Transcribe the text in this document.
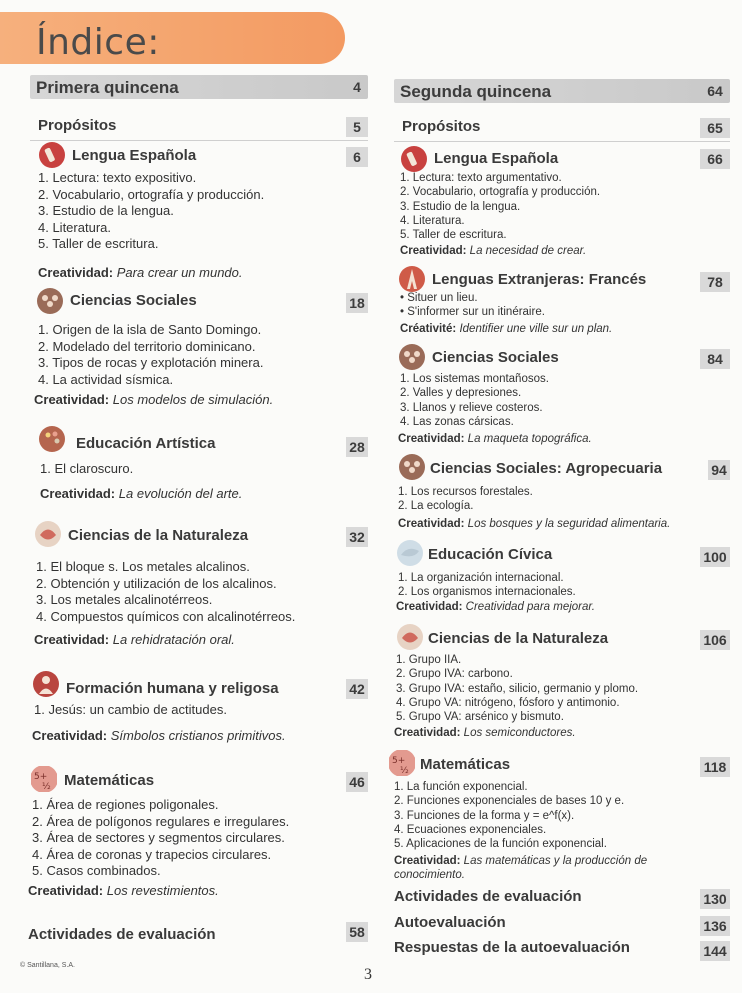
Índice:
Primera quincena	4
Propósitos	5
Lengua Española	6
1. Lectura: texto expositivo.
2. Vocabulario, ortografía y producción.
3. Estudio de la lengua.
4. Literatura.
5. Taller de escritura.
Creatividad: Para crear un mundo.
Ciencias Sociales	18
1. Origen de la isla de Santo Domingo.
2. Modelado del territorio dominicano.
3. Tipos de rocas y explotación minera.
4. La actividad sísmica.
Creatividad: Los modelos de simulación.
Educación Artística	28
1. El claroscuro.
Creatividad: La evolución del arte.
Ciencias de la Naturaleza	32
1. El bloque s. Los metales alcalinos.
2. Obtención y utilización de los alcalinos.
3. Los metales alcalinotérreos.
4. Compuestos químicos con alcalinotérreos.
Creatividad: La rehidratación oral.
Formación humana y religosa	42
1. Jesús: un cambio de actitudes.
Creatividad: Símbolos cristianos primitivos.
5+
½ Matemáticas	46
1. Área de regiones poligonales.
2. Área de polígonos regulares e irregulares.
3. Área de sectores y segmentos circulares.
4. Área de coronas y trapecios circulares.
5. Casos combinados.
Creatividad: Los revestimientos.
Actividades de evaluación	58
Segunda quincena	64
Propósitos	65
Lengua Española	66
1. Lectura: texto argumentativo.
2. Vocabulario, ortografía y producción.
3. Estudio de la lengua.
4. Literatura.
5. Taller de escritura.
Creatividad: La necesidad de crear.
Lenguas Extranjeras: Francés	78
• Situer un lieu.
• S'informer sur un itinéraire.
Créativité: Identifier une ville sur un plan.
Ciencias Sociales	84
1. Los sistemas montañosos.
2. Valles y depresiones.
3. Llanos y relieve costeros.
4. Las zonas cársicas.
Creatividad: La maqueta topográfica.
Ciencias Sociales: Agropecuaria	94
1. Los recursos forestales.
2. La ecología.
Creatividad: Los bosques y la seguridad alimentaria.
Educación Cívica	100
1. La organización internacional.
2. Los organismos internacionales.
Creatividad: Creatividad para mejorar.
Ciencias de la Naturaleza	106
1. Grupo IIA.
2. Grupo IVA: carbono.
3. Grupo IVA: estaño, silicio, germanio y plomo.
4. Grupo VA: nitrógeno, fósforo y antimonio.
5. Grupo VA: arsénico y bismuto.
Creatividad: Los semiconductores.
5+
½ Matemáticas	118
1. La función exponencial.
2. Funciones exponenciales de bases 10 y e.
3. Funciones de la forma y = e^f(x).
4. Ecuaciones exponenciales.
5. Aplicaciones de la función exponencial.
Creatividad: Las matemáticas y la producción de conocimiento.
Actividades de evaluación	130
Autoevaluación	136
Respuestas de la autoevaluación	144
© Santillana, S.A.
3
